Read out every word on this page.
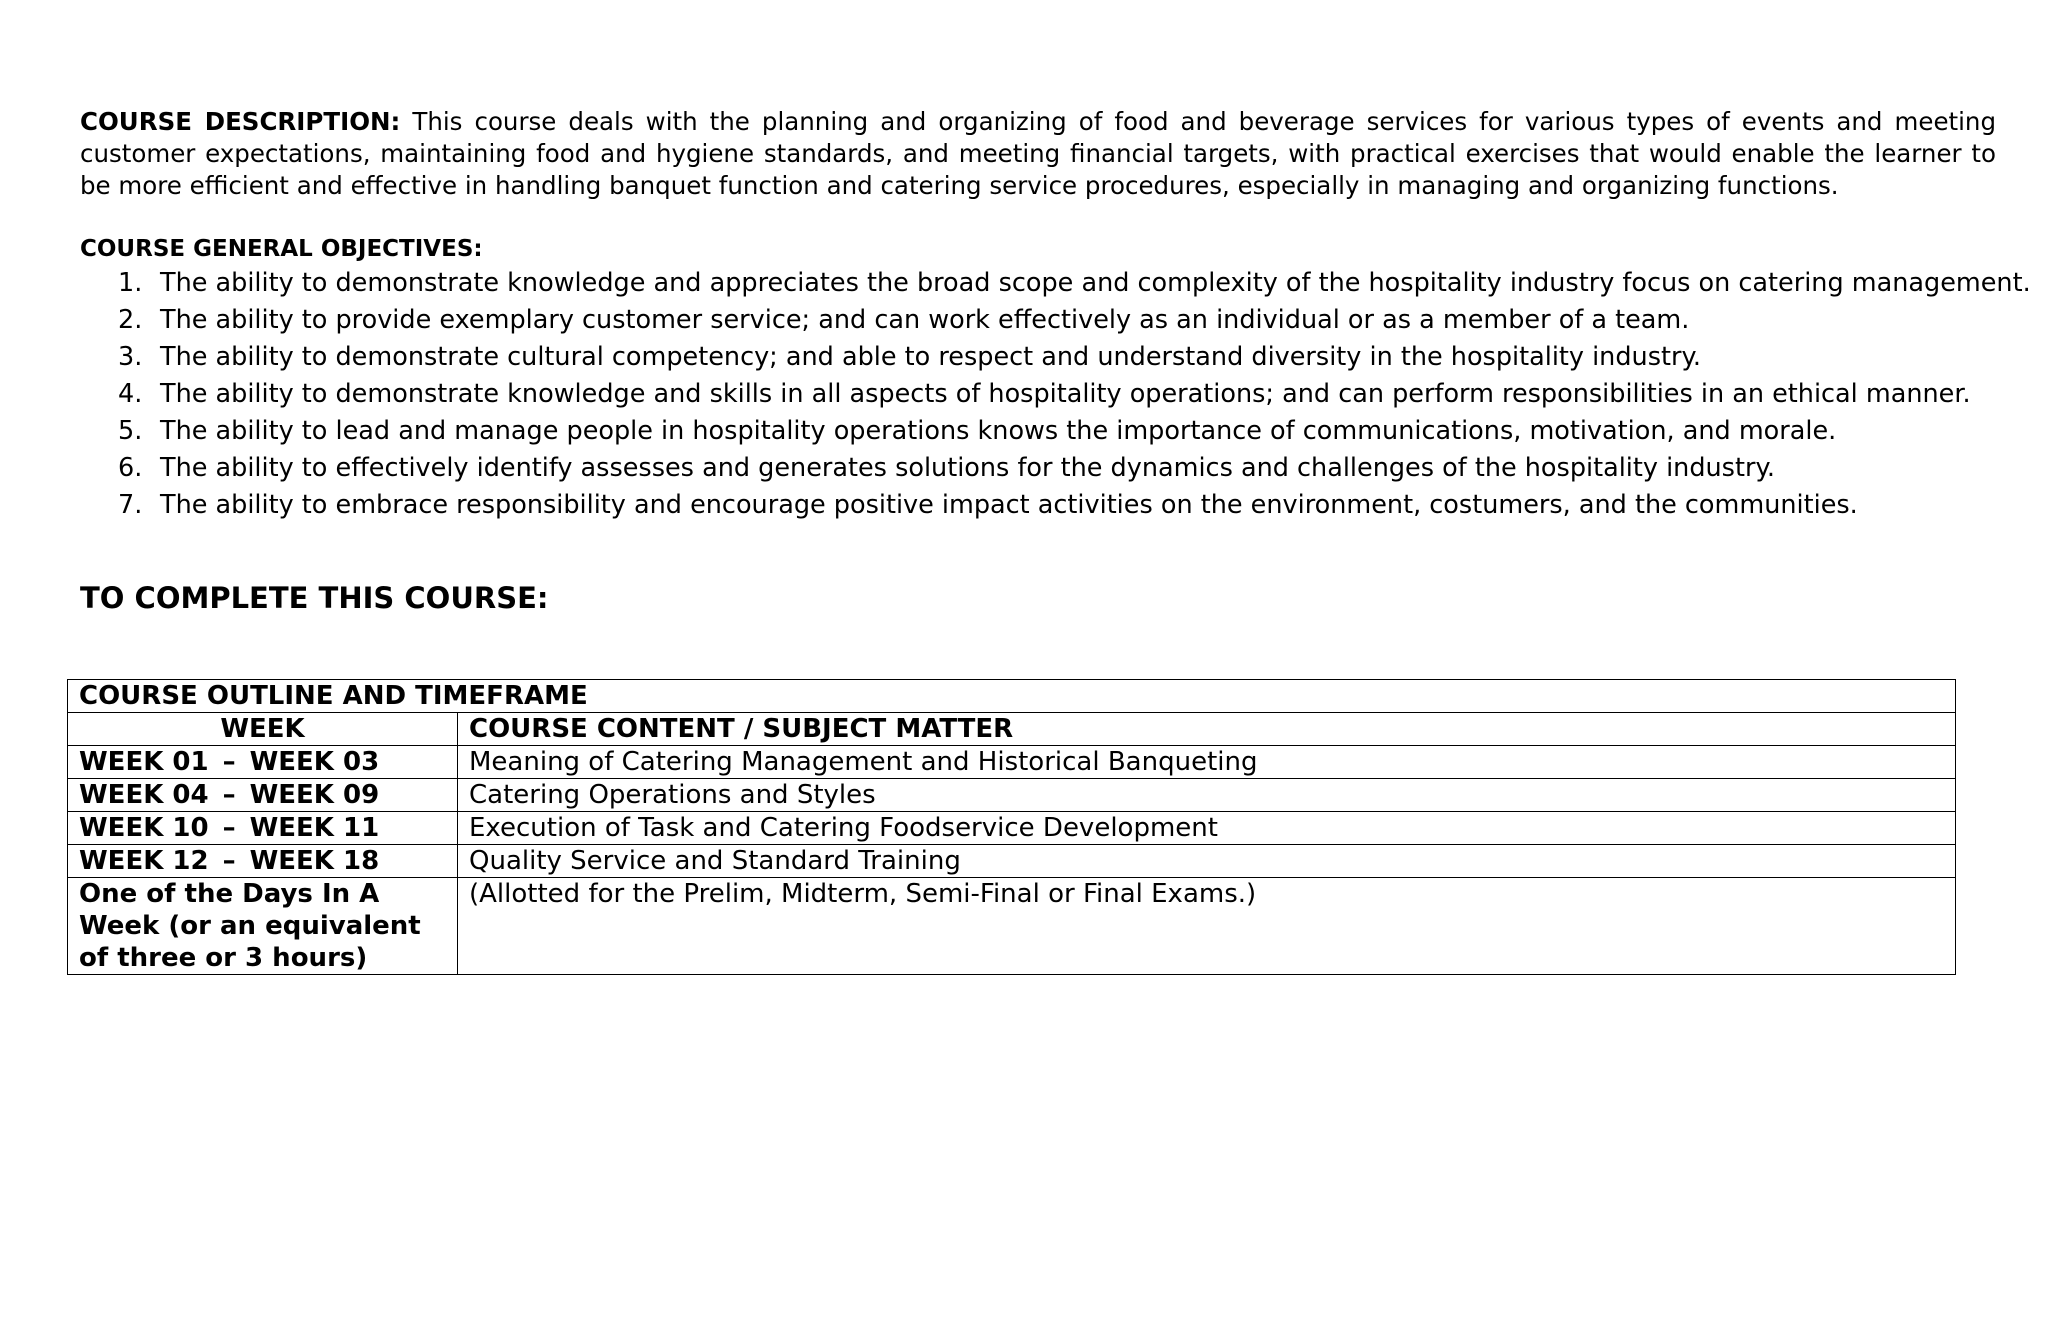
COURSE DESCRIPTION: This course deals with the planning and organizing of food and beverage services for various types of events and meeting customer expectations, maintaining food and hygiene standards, and meeting financial targets, with practical exercises that would enable the learner to be more efficient and effective in handling banquet function and catering service procedures, especially in managing and organizing functions.

COURSE GENERAL OBJECTIVES:
1. The ability to demonstrate knowledge and appreciates the broad scope and complexity of the hospitality industry focus on catering management.
2. The ability to provide exemplary customer service; and can work effectively as an individual or as a member of a team.
3. The ability to demonstrate cultural competency; and able to respect and understand diversity in the hospitality industry.
4. The ability to demonstrate knowledge and skills in all aspects of hospitality operations; and can perform responsibilities in an ethical manner.
5. The ability to lead and manage people in hospitality operations knows the importance of communications, motivation, and morale.
6. The ability to effectively identify assesses and generates solutions for the dynamics and challenges of the hospitality industry.
7. The ability to embrace responsibility and encourage positive impact activities on the environment, costumers, and the communities.
TO COMPLETE THIS COURSE:
COURSE OUTLINE AND TIMEFRAME	
WEEK	COURSE CONTENT / SUBJECT MATTER
WEEK 01 – WEEK 03	Meaning of Catering Management and Historical Banqueting
WEEK 04 – WEEK 09	Catering Operations and Styles
WEEK 10 – WEEK 11	Execution of Task and Catering Foodservice Development
WEEK 12 – WEEK 18	Quality Service and Standard Training
One of the Days In A Week (or an equivalent of three or 3 hours)	(Allotted for the Prelim, Midterm, Semi-Final or Final Exams.)
